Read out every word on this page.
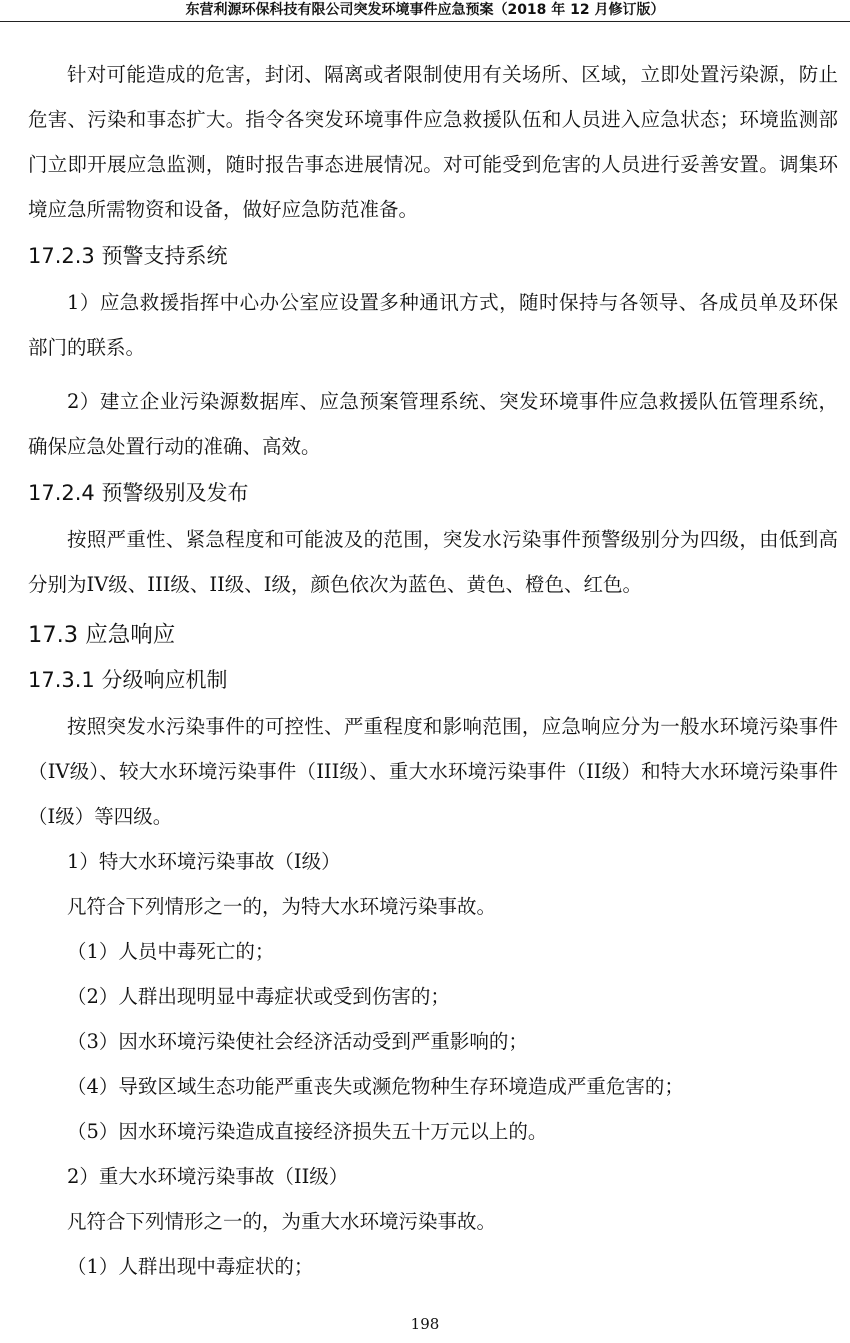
东营利源环保科技有限公司突发环境事件应急预案（2018 年 12 月修订版）

针对可能造成的危害，封闭、隔离或者限制使用有关场所、区域，立即处置污染源，防止危害、污染和事态扩大。指令各突发环境事件应急救援队伍和人员进入应急状态；环境监测部门立即开展应急监测，随时报告事态进展情况。对可能受到危害的人员进行妥善安置。调集环境应急所需物资和设备，做好应急防范准备。

17.2.3 预警支持系统

1）应急救援指挥中心办公室应设置多种通讯方式，随时保持与各领导、各成员单及环保部门的联系。

2）建立企业污染源数据库、应急预案管理系统、突发环境事件应急救援队伍管理系统，确保应急处置行动的准确、高效。

17.2.4 预警级别及发布

按照严重性、紧急程度和可能波及的范围，突发水污染事件预警级别分为四级，由低到高分别为IV级、III级、II级、I级，颜色依次为蓝色、黄色、橙色、红色。

17.3 应急响应
17.3.1 分级响应机制

按照突发水污染事件的可控性、严重程度和影响范围，应急响应分为一般水环境污染事件（IV级）、较大水环境污染事件（III级）、重大水环境污染事件（II级）和特大水环境污染事件（I级）等四级。

1）特大水环境污染事故（I级）

凡符合下列情形之一的，为特大水环境污染事故。

（1）人员中毒死亡的；

（2）人群出现明显中毒症状或受到伤害的；

（3）因水环境污染使社会经济活动受到严重影响的；

（4）导致区域生态功能严重丧失或濒危物种生存环境造成严重危害的；

（5）因水环境污染造成直接经济损失五十万元以上的。

2）重大水环境污染事故（II级）

凡符合下列情形之一的，为重大水环境污染事故。

（1）人群出现中毒症状的；

198
